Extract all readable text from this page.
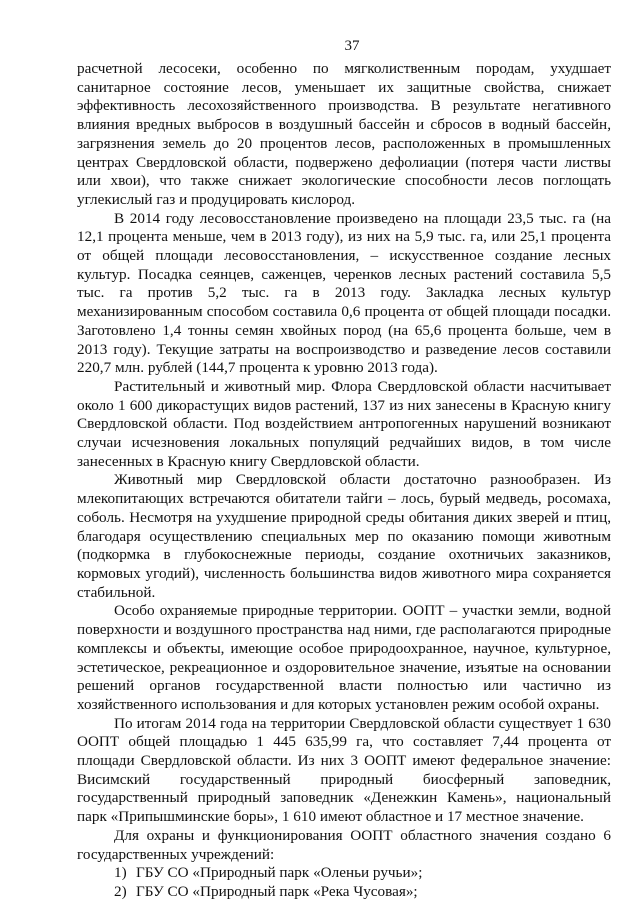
37

расчетной лесосеки, особенно по мягколиственным породам, ухудшает санитарное состояние лесов, уменьшает их защитные свойства, снижает эффективность лесохозяйственного производства. В результате негативного влияния вредных выбросов в воздушный бассейн и сбросов в водный бассейн, загрязнения земель до 20 процентов лесов, расположенных в промышленных центрах Свердловской области, подвержено дефолиации (потеря части листвы или хвои), что также снижает экологические способности лесов поглощать углекислый газ и продуцировать кислород.

В 2014 году лесовосстановление произведено на площади 23,5 тыс. га (на 12,1 процента меньше, чем в 2013 году), из них на 5,9 тыс. га, или 25,1 процента от общей площади лесовосстановления, – искусственное создание лесных культур. Посадка сеянцев, саженцев, черенков лесных растений составила 5,5 тыс. га против 5,2 тыс. га в 2013 году. Закладка лесных культур механизированным способом составила 0,6 процента от общей площади посадки. Заготовлено 1,4 тонны семян хвойных пород (на 65,6 процента больше, чем в 2013 году). Текущие затраты на воспроизводство и разведение лесов составили 220,7 млн. рублей (144,7 процента к уровню 2013 года).

Растительный и животный мир. Флора Свердловской области насчитывает около 1 600 дикорастущих видов растений, 137 из них занесены в Красную книгу Свердловской области. Под воздействием антропогенных нарушений возникают случаи исчезновения локальных популяций редчайших видов, в том числе занесенных в Красную книгу Свердловской области.

Животный мир Свердловской области достаточно разнообразен. Из млекопитающих встречаются обитатели тайги – лось, бурый медведь, росомаха, соболь. Несмотря на ухудшение природной среды обитания диких зверей и птиц, благодаря осуществлению специальных мер по оказанию помощи животным (подкормка в глубокоснежные периоды, создание охотничьих заказников, кормовых угодий), численность большинства видов животного мира сохраняется стабильной.

Особо охраняемые природные территории. ООПТ – участки земли, водной поверхности и воздушного пространства над ними, где располагаются природные комплексы и объекты, имеющие особое природоохранное, научное, культурное, эстетическое, рекреационное и оздоровительное значение, изъятые на основании решений органов государственной власти полностью или частично из хозяйственного использования и для которых установлен режим особой охраны.

По итогам 2014 года на территории Свердловской области существует 1 630 ООПТ общей площадью 1 445 635,99 га, что составляет 7,44 процента от площади Свердловской области. Из них 3 ООПТ имеют федеральное значение: Висимский государственный природный биосферный заповедник, государственный природный заповедник «Денежкин Камень», национальный парк «Припышминские боры», 1 610 имеют областное и 17 местное значение.

Для охраны и функционирования ООПТ областного значения создано 6 государственных учреждений:

1) ГБУ СО «Природный парк «Оленьи ручьи»;
2) ГБУ СО «Природный парк «Река Чусовая»;
